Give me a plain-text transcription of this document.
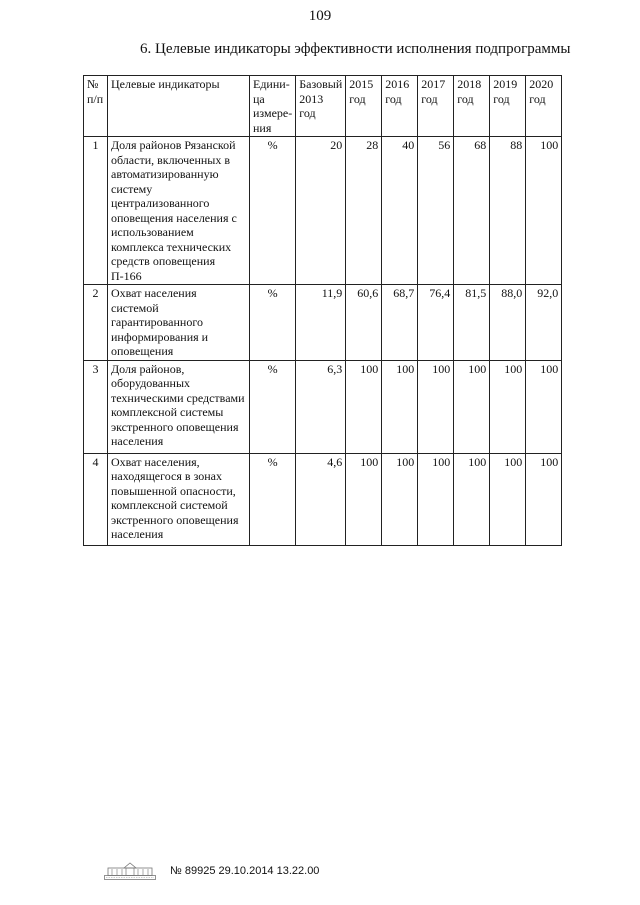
109
6. Целевые индикаторы эффективности исполнения подпрограммы
№ п/п	Целевые индикаторы	Едини-ца измере-ния	Базовый 2013 год	2015 год	2016 год	2017 год	2018 год	2019 год	2020 год
1	Доля районов Рязанской области, включенных в автоматизированную систему централизованного оповещения населения с использованием комплекса технических средств оповещения П-166	%	20	28	40	56	68	88	100
2	Охват населения системой гарантированного информирования и оповещения	%	11,9	60,6	68,7	76,4	81,5	88,0	92,0
3	Доля районов, оборудованных техническими средствами комплексной системы экстренного оповещения населения	%	6,3	100	100	100	100	100	100
4	Охват населения, находящегося в зонах повышенной опасности, комплексной системой экстренного оповещения населения	%	4,6	100	100	100	100	100	100
№ 89925 29.10.2014 13.22.00
